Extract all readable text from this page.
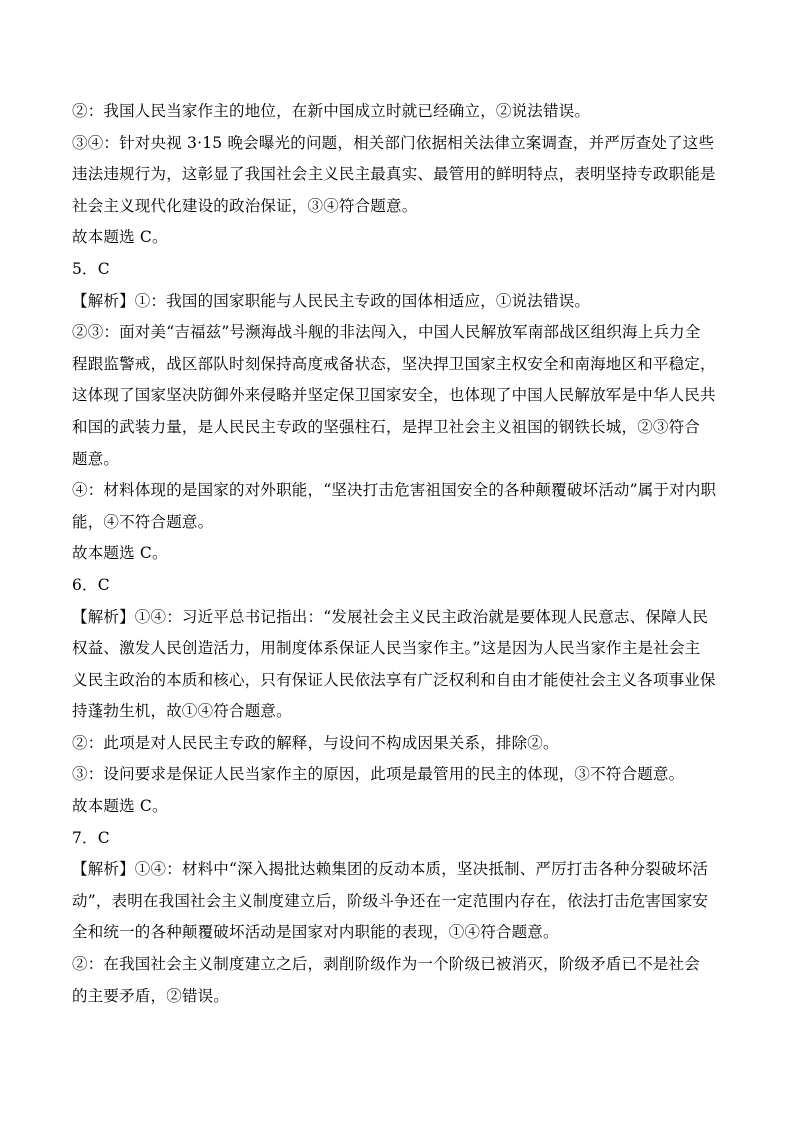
②：我国人民当家作主的地位，在新中国成立时就已经确立，②说法错误。

③④：针对央视 3·15 晚会曝光的问题，相关部门依据相关法律立案调查，并严厉查处了这些

违法违规行为，这彰显了我国社会主义民主最真实、最管用的鲜明特点，表明坚持专政职能是

社会主义现代化建设的政治保证，③④符合题意。

故本题选 C。

5．C

【解析】①：我国的国家职能与人民民主专政的国体相适应，①说法错误。

②③：面对美“吉福兹”号濒海战斗舰的非法闯入，中国人民解放军南部战区组织海上兵力全

程跟监警戒，战区部队时刻保持高度戒备状态，坚决捍卫国家主权安全和南海地区和平稳定，

这体现了国家坚决防御外来侵略并坚定保卫国家安全，也体现了中国人民解放军是中华人民共

和国的武装力量，是人民民主专政的坚强柱石，是捍卫社会主义祖国的钢铁长城，②③符合

题意。

④：材料体现的是国家的对外职能，“坚决打击危害祖国安全的各种颠覆破坏活动”属于对内职

能，④不符合题意。

故本题选 C。

6．C

【解析】①④：习近平总书记指出：“发展社会主义民主政治就是要体现人民意志、保障人民

权益、激发人民创造活力，用制度体系保证人民当家作主。”这是因为人民当家作主是社会主

义民主政治的本质和核心，只有保证人民依法享有广泛权利和自由才能使社会主义各项事业保

持蓬勃生机，故①④符合题意。

②：此项是对人民民主专政的解释，与设问不构成因果关系，排除②。

③：设问要求是保证人民当家作主的原因，此项是最管用的民主的体现，③不符合题意。

故本题选 C。

7．C

【解析】①④：材料中“深入揭批达赖集团的反动本质，坚决抵制、严厉打击各种分裂破坏活

动”，表明在我国社会主义制度建立后，阶级斗争还在一定范围内存在，依法打击危害国家安

全和统一的各种颠覆破坏活动是国家对内职能的表现，①④符合题意。

②：在我国社会主义制度建立之后，剥削阶级作为一个阶级已被消灭，阶级矛盾已不是社会

的主要矛盾，②错误。
